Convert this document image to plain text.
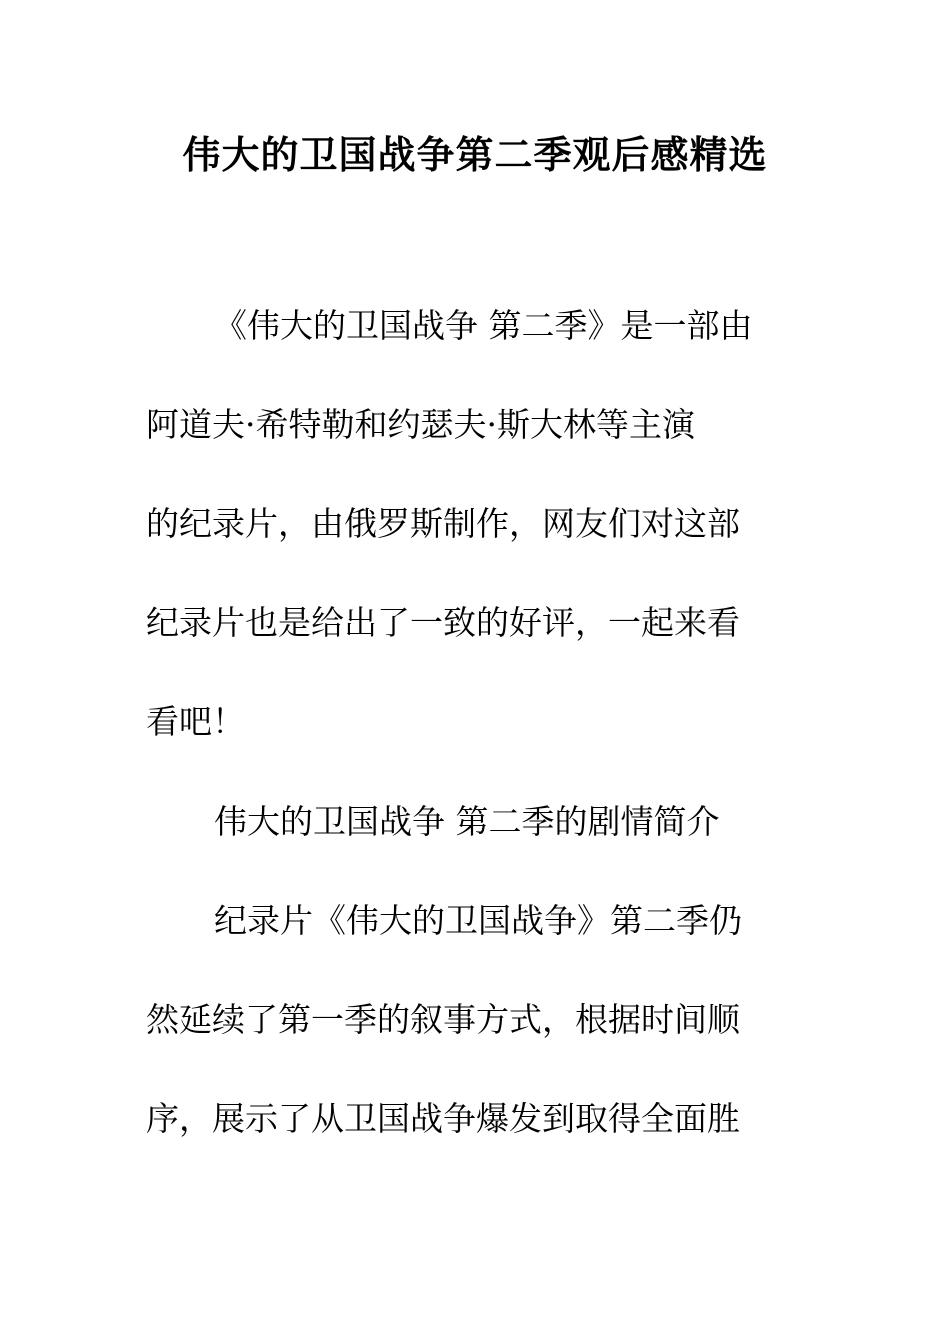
伟大的卫国战争第二季观后感精选
《伟大的卫国战争 第二季》是一部由
阿道夫·希特勒和约瑟夫·斯大林等主演
的纪录片，由俄罗斯制作，网友们对这部
纪录片也是给出了一致的好评，一起来看
看吧！
伟大的卫国战争 第二季的剧情简介
纪录片《伟大的卫国战争》第二季仍
然延续了第一季的叙事方式，根据时间顺
序，展示了从卫国战争爆发到取得全面胜
